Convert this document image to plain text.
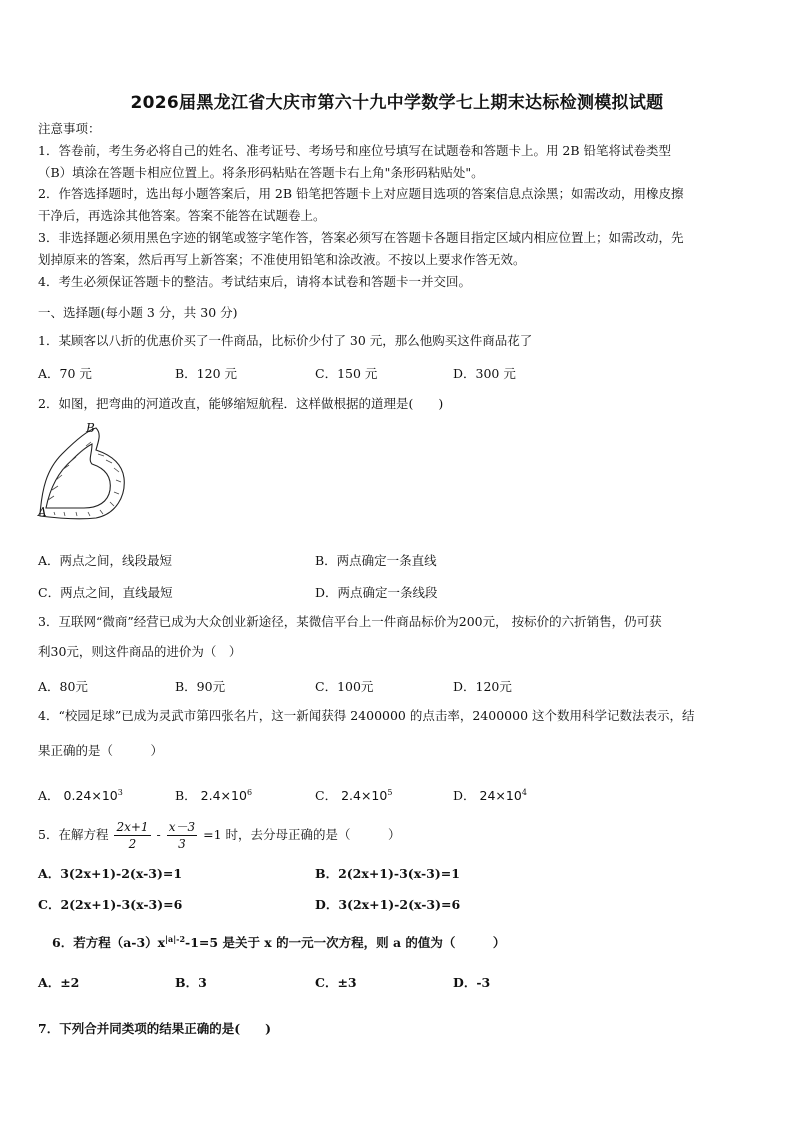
2026届黑龙江省大庆市第六十九中学数学七上期末达标检测模拟试题

注意事项：

1．答卷前，考生务必将自己的姓名、准考证号、考场号和座位号填写在试题卷和答题卡上。用 2B 铅笔将试卷类型

（B）填涂在答题卡相应位置上。将条形码粘贴在答题卡右上角"条形码粘贴处"。

2．作答选择题时，选出每小题答案后，用 2B 铅笔把答题卡上对应题目选项的答案信息点涂黑；如需改动，用橡皮擦

干净后，再选涂其他答案。答案不能答在试题卷上。

3．非选择题必须用黑色字迹的钢笔或签字笔作答，答案必须写在答题卡各题目指定区域内相应位置上；如需改动，先

划掉原来的答案，然后再写上新答案；不准使用铅笔和涂改液。不按以上要求作答无效。

4．考生必须保证答题卡的整洁。考试结束后，请将本试卷和答题卡一并交回。

一、选择题(每小题 3 分，共 30 分)
1．某顾客以八折的优惠价买了一件商品，比标价少付了 30 元，那么他购买这件商品花了
A．70 元	B．120 元	C．150 元	D．300 元
2．如图，把弯曲的河道改直，能够缩短航程．这样做根据的道理是(　　)
B
A
A．两点之间，线段最短	B．两点确定一条直线
C．两点之间，直线最短	D．两点确定一条线段
3．互联网“微商”经营已成为大众创业新途径，某微信平台上一件商品标价为200元， 按标价的六折销售，仍可获
利30元，则这件商品的进价为（　）
A．80元	B．90元	C．100元	D．120元
4．“校园足球”已成为灵武市第四张名片，这一新闻获得 2400000 的点击率，2400000 这个数用科学记数法表示，结
果正确的是（　　　）
A． $0.24\times 10^3$	B． $2.4\times 10^6$	C． $2.4\times 10^5$	D． $24\times 10^4$
5．在解方程 $\frac{2x+1}{2} - \frac{x-3}{3} =1$ 时，去分母正确的是（　　　）
A．3(2x+1)-2(x-3)=1	B．2(2x+1)-3(x-3)=1
C．2(2x+1)-3(x-3)=6	D．3(2x+1)-2(x-3)=6
6．若方程$(a-3)x^{|a|-2}-1=5$ 是关于 x 的一元一次方程，则 a 的值为（　　　）
A．±2	B．3	C．±3	D．-3
7．下列合并同类项的结果正确的是(　　)
